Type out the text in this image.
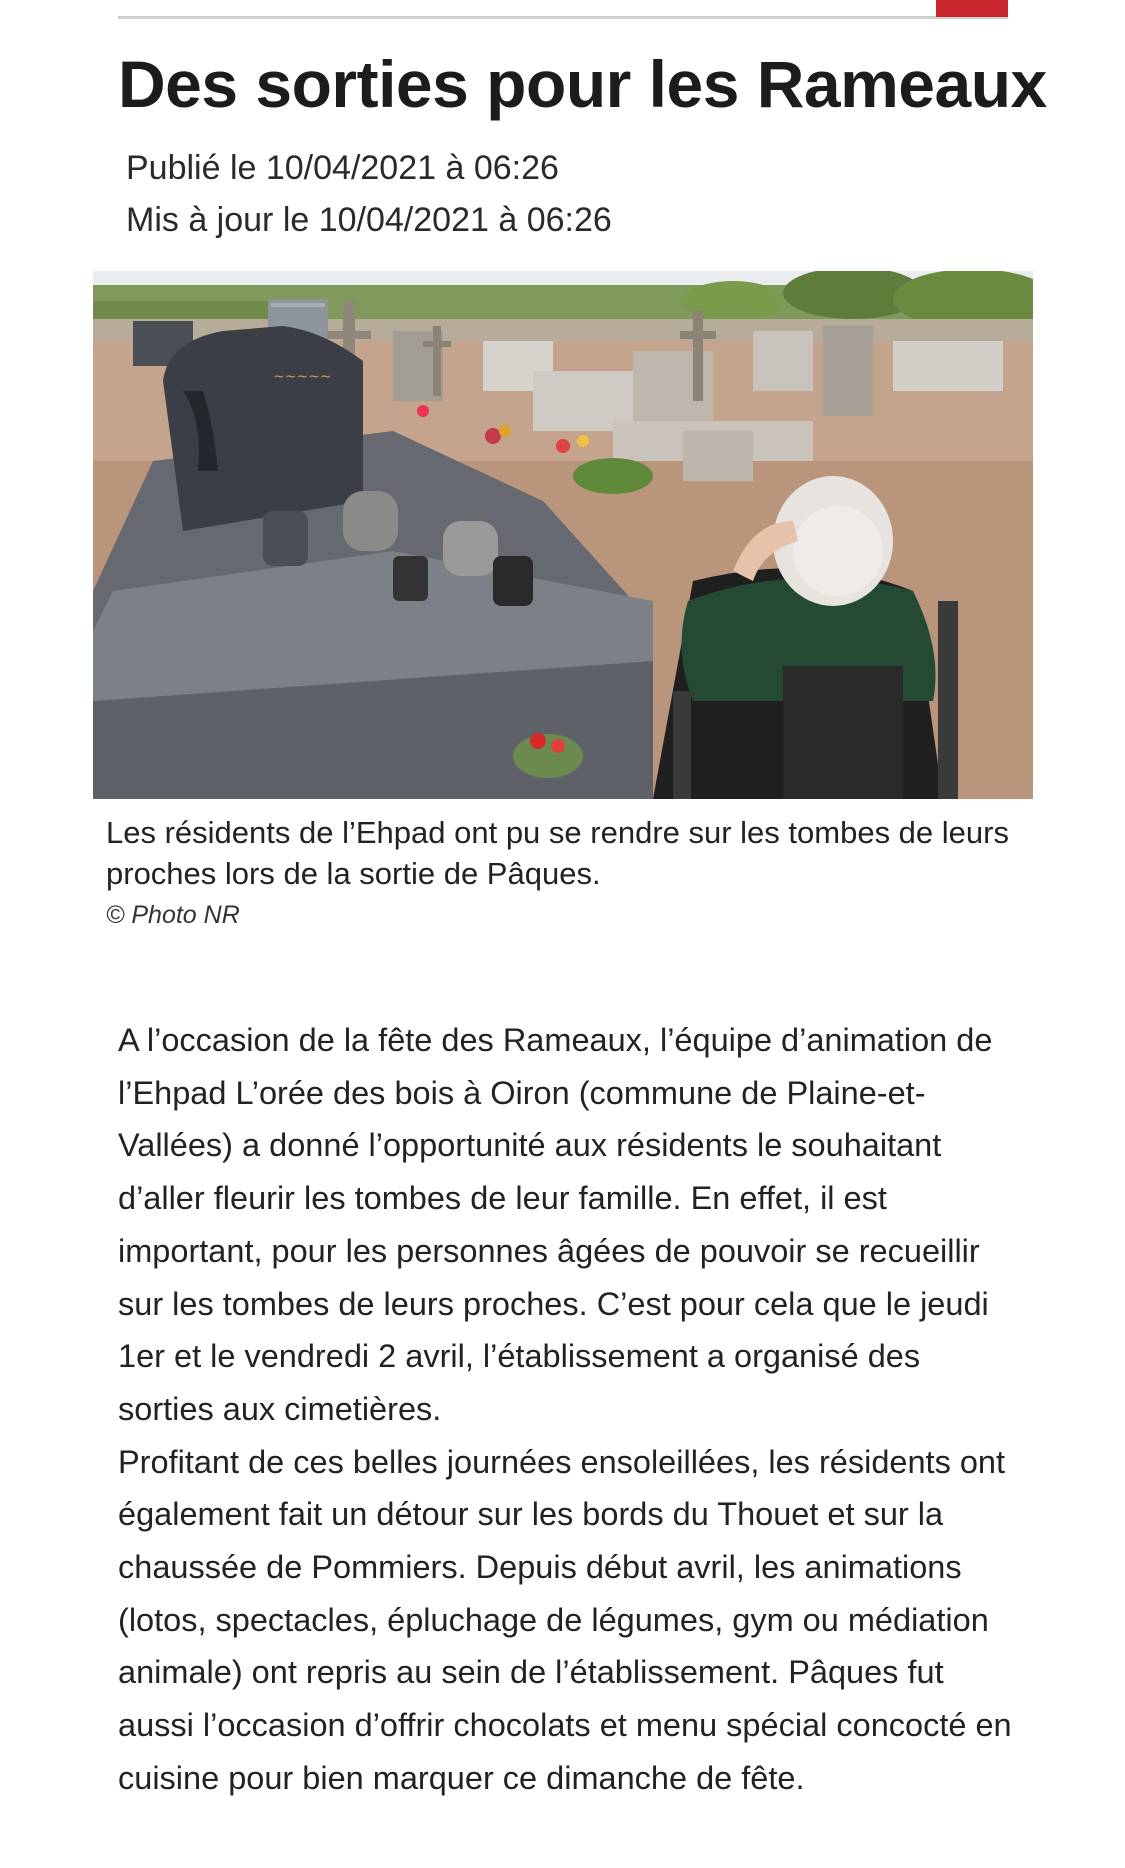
Des sorties pour les Rameaux
Publié le 10/04/2021 à 06:26
Mis à jour le 10/04/2021 à 06:26
~~~~~
Les résidents de l’Ehpad ont pu se rendre sur les tombes de leurs proches lors de la sortie de Pâques.
© Photo NR

A l’occasion de la fête des Rameaux, l’équipe d’animation de l’Ehpad L’orée des bois à Oiron (commune de Plaine-et-Vallées) a donné l’opportunité aux résidents le souhaitant d’aller fleurir les tombes de leur famille. En effet, il est important, pour les personnes âgées de pouvoir se recueillir sur les tombes de leurs proches. C’est pour cela que le jeudi 1er et le vendredi 2 avril, l’établissement a organisé des sorties aux cimetières.

Profitant de ces belles journées ensoleillées, les résidents ont également fait un détour sur les bords du Thouet et sur la chaussée de Pommiers. Depuis début avril, les animations (lotos, spectacles, épluchage de légumes, gym ou médiation animale) ont repris au sein de l’établissement. Pâques fut aussi l’occasion d’offrir chocolats et menu spécial concocté en cuisine pour bien marquer ce dimanche de fête.
